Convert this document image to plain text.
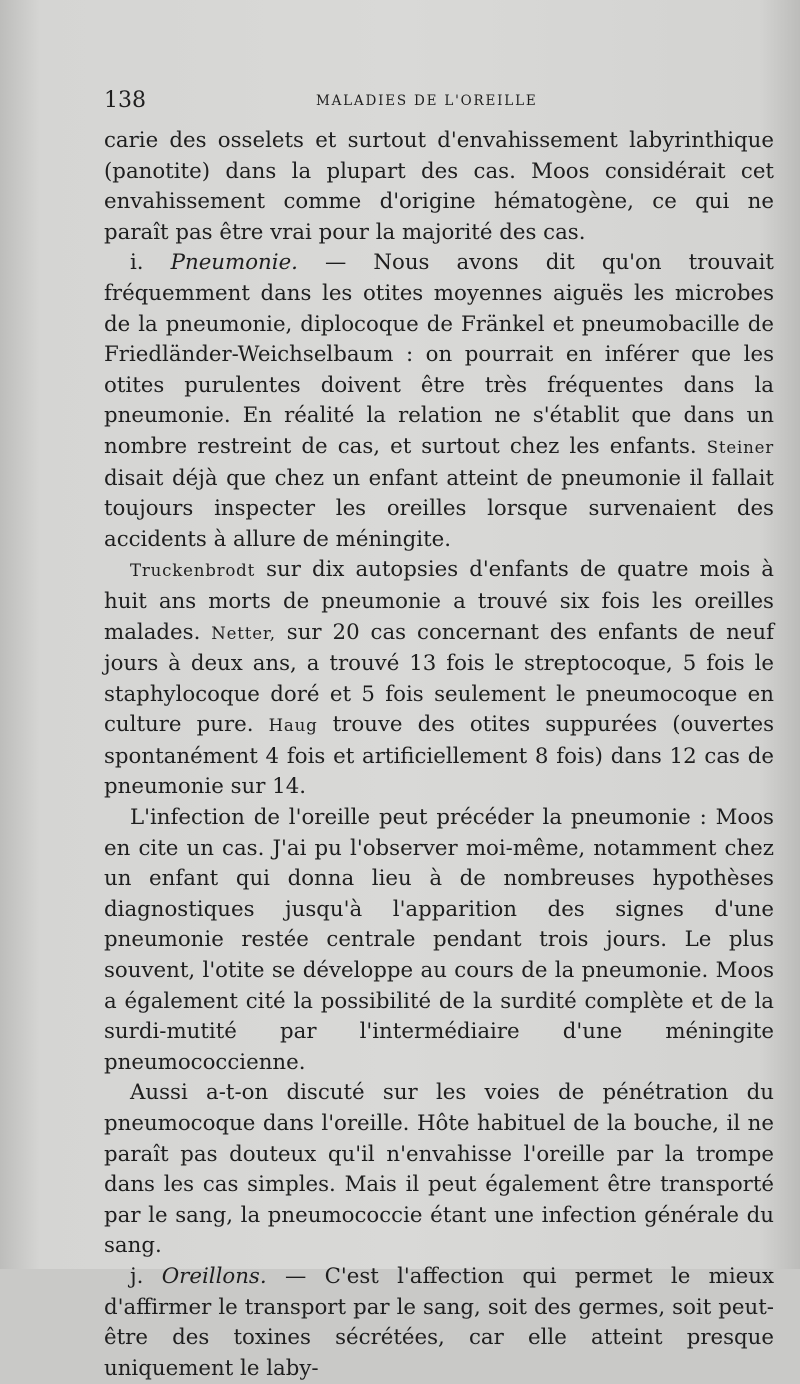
138	MALADIES DE L'OREILLE

carie des osselets et surtout d'envahissement labyrinthique (panotite) dans la plupart des cas. Moos considérait cet envahissement comme d'origine hématogène, ce qui ne paraît pas être vrai pour la majorité des cas.

i. Pneumonie. — Nous avons dit qu'on trouvait fréquemment dans les otites moyennes aiguës les microbes de la pneumonie, diplocoque de Fränkel et pneumobacille de Friedländer-Weichselbaum : on pourrait en inférer que les otites purulentes doivent être très fréquentes dans la pneumonie. En réalité la relation ne s'établit que dans un nombre restreint de cas, et surtout chez les enfants. Steiner disait déjà que chez un enfant atteint de pneumonie il fallait toujours inspecter les oreilles lorsque survenaient des accidents à allure de méningite.

Truckenbrodt sur dix autopsies d'enfants de quatre mois à huit ans morts de pneumonie a trouvé six fois les oreilles malades. Netter, sur 20 cas concernant des enfants de neuf jours à deux ans, a trouvé 13 fois le streptocoque, 5 fois le staphylocoque doré et 5 fois seulement le pneumocoque en culture pure. Haug trouve des otites suppurées (ouvertes spontanément 4 fois et artificiellement 8 fois) dans 12 cas de pneumonie sur 14.

L'infection de l'oreille peut précéder la pneumonie : Moos en cite un cas. J'ai pu l'observer moi-même, notamment chez un enfant qui donna lieu à de nombreuses hypothèses diagnostiques jusqu'à l'apparition des signes d'une pneumonie restée centrale pendant trois jours. Le plus souvent, l'otite se développe au cours de la pneumonie. Moos a également cité la possibilité de la surdité complète et de la surdi-mutité par l'intermédiaire d'une méningite pneumococcienne.

Aussi a-t-on discuté sur les voies de pénétration du pneumocoque dans l'oreille. Hôte habituel de la bouche, il ne paraît pas douteux qu'il n'envahisse l'oreille par la trompe dans les cas simples. Mais il peut également être transporté par le sang, la pneumococcie étant une infection générale du sang.

j. Oreillons. — C'est l'affection qui permet le mieux d'affirmer le transport par le sang, soit des germes, soit peut-être des toxines sécrétées, car elle atteint presque uniquement le laby-
